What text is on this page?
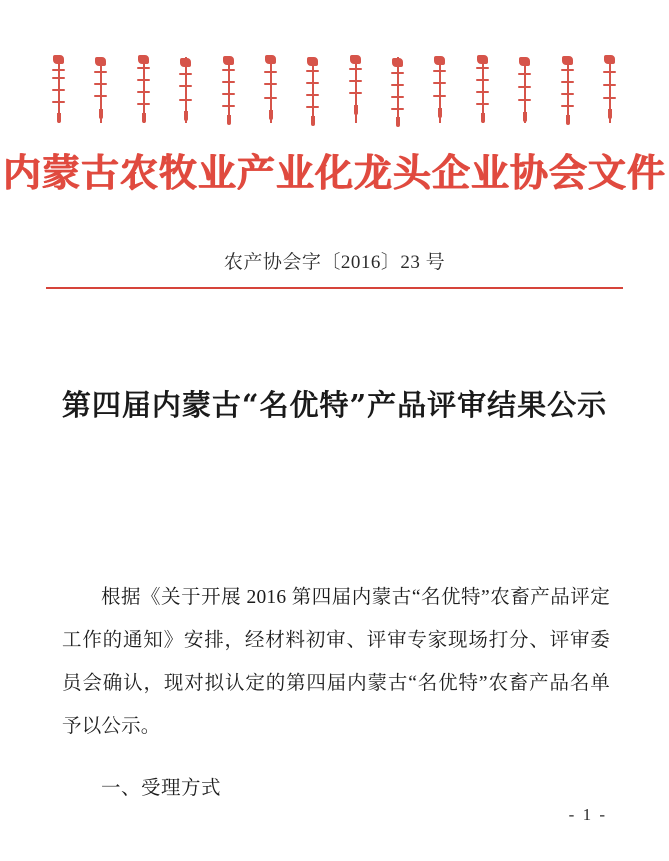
内蒙古农牧业产业化龙头企业协会文件
农产协会字〔2016〕23 号
第四届内蒙古“名优特”产品评审结果公示

根据《关于开展 2016 第四届内蒙古“名优特”农畜产品评定工作的通知》安排，经材料初审、评审专家现场打分、评审委员会确认，现对拟认定的第四届内蒙古“名优特”农畜产品名单予以公示。

一、受理方式

- 1 -
